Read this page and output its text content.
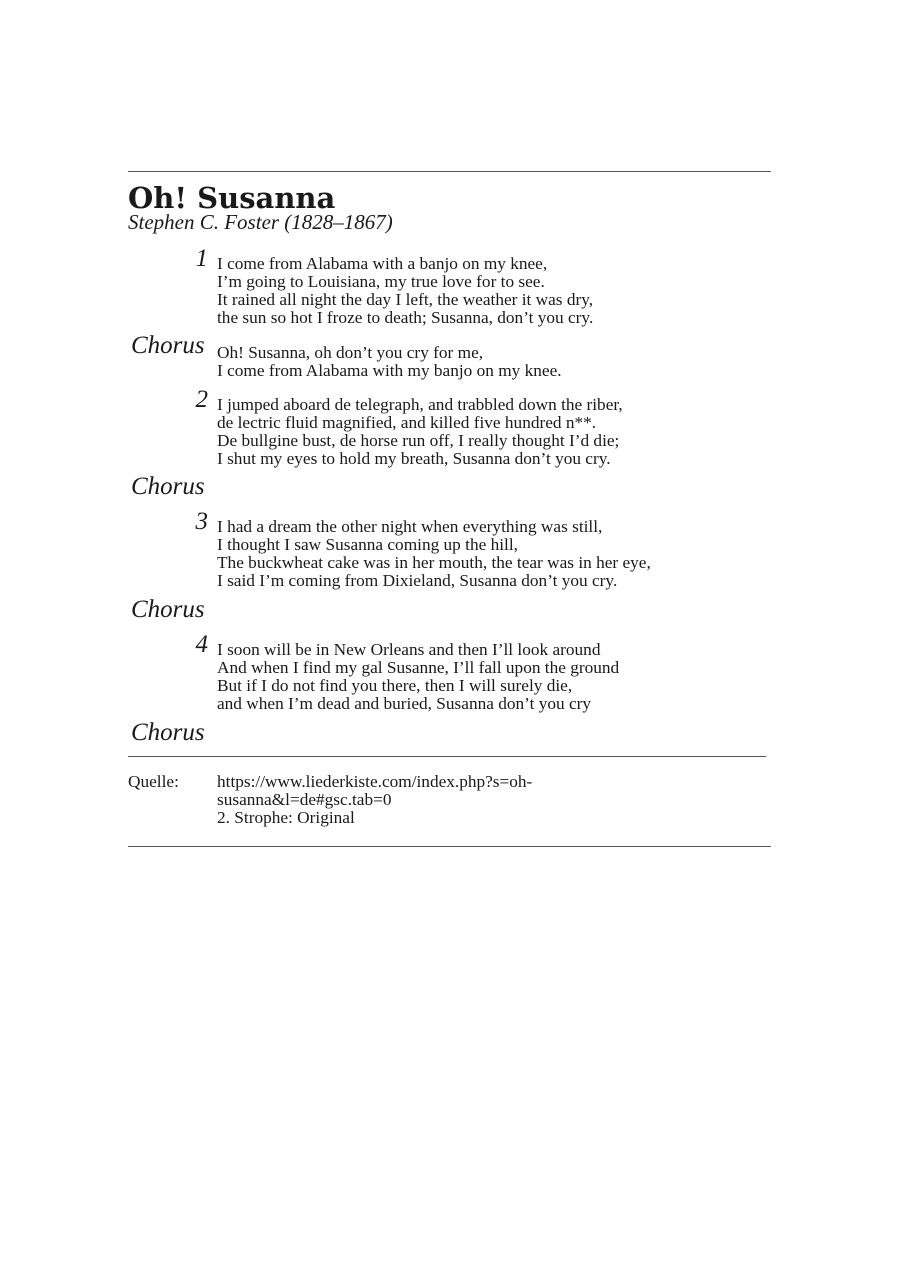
Oh! Susanna
Stephen C. Foster (1828–1867)
1 I come from Alabama with a banjo on my knee,
I’m going to Louisiana, my true love for to see.
It rained all night the day I left, the weather it was dry,
the sun so hot I froze to death; Susanna, don’t you cry.
Chorus Oh! Susanna, oh don’t you cry for me,
I come from Alabama with my banjo on my knee.
2 I jumped aboard de telegraph, and trabbled down the riber,
de lectric fluid magnified, and killed five hundred n**.
De bullgine bust, de horse run off, I really thought I’d die;
I shut my eyes to hold my breath, Susanna don’t you cry.
Chorus
3 I had a dream the other night when everything was still,
I thought I saw Susanna coming up the hill,
The buckwheat cake was in her mouth, the tear was in her eye,
I said I’m coming from Dixieland, Susanna don’t you cry.
Chorus
4 I soon will be in New Orleans and then I’ll look around
And when I find my gal Susanne, I’ll fall upon the ground
But if I do not find you there, then I will surely die,
and when I’m dead and buried, Susanna don’t you cry
Chorus
Quelle: https://www.liederkiste.com/index.php?s=oh-
susanna&l=de#gsc.tab=0
2. Strophe: Original
